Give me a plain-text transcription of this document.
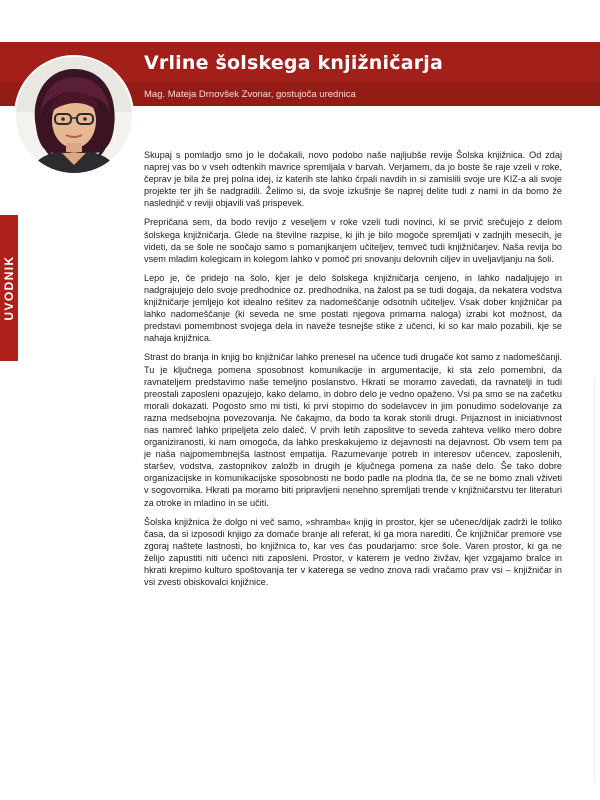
Vrline šolskega knjižničarja
Mag. Mateja Drnovšek Zvonar, gostujoča urednica
UVODNIK

Skupaj s pomladjo smo jo le dočakali, novo podobo naše najljubše revije Šolska knjižnica. Od zdaj naprej vas bo v vseh odtenkih mavrice spremljala v barvah. Verjamem, da jo boste še raje vzeli v roke, čeprav je bila že prej polna idej, iz katerih ste lahko črpali navdih in si zamislili svoje ure KIZ-a ali svoje projekte ter jih še nadgradili. Želimo si, da svoje izkušnje še naprej delite tudi z nami in da bomo že naslednjič v reviji objavili vaš prispevek.

Prepričana sem, da bodo revijo z veseljem v roke vzeli tudi novinci, ki se prvič srečujejo z delom šolskega knjižničarja. Glede na številne razpise, ki jih je bilo mogoče spremljati v zadnjih mesecih, je videti, da se šole ne soočajo samo s pomanjkanjem učiteljev, temveč tudi knjižničarjev. Naša revija bo vsem mladim kolegicam in kolegom lahko v pomoč pri snovanju delovnih ciljev in uveljavljanju na šoli.

Lepo je, če pridejo na šolo, kjer je delo šolskega knjižničarja cenjeno, in lahko nadaljujejo in nadgrajujejo delo svoje predhodnice oz. predhodnika, na žalost pa se tudi dogaja, da nekatera vodstva knjižničarje jemljejo kot idealno rešitev za nadomeščanje odsotnih učiteljev. Vsak dober knjižničar pa lahko nadomeščanje (ki seveda ne sme postati njegova primarna naloga) izrabi kot možnost, da predstavi pomembnost svojega dela in naveže tesnejše stike z učenci, ki so kar malo pozabili, kje se nahaja knjižnica.

Strast do branja in knjig bo knjižničar lahko prenesel na učence tudi drugače kot samo z nadomeščanji. Tu je ključnega pomena sposobnost komunikacije in argumentacije, ki sta zelo pomembni, da ravnateljem predstavimo naše temeljno poslanstvo. Hkrati se moramo zavedati, da ravnatelji in tudi preostali zaposleni opazujejo, kako delamo, in dobro delo je vedno opaženo. Vsi pa smo se na začetku morali dokazati. Pogosto smo mi tisti, ki prvi stopimo do sodelavcev in jim ponudimo sodelovanje za razna medsebojna povezovanja. Ne čakajmo, da bodo ta korak storili drugi. Prijaznost in iniciativnost nas namreč lahko pripeljeta zelo daleč. V prvih letih zaposlitve to seveda zahteva veliko mero dobre organiziranosti, ki nam omogoča, da lahko preskakujemo iz dejavnosti na dejavnost. Ob vsem tem pa je naša najpomembnejša lastnost empatija. Razumevanje potreb in interesov učencev, zaposlenih, staršev, vodstva, zastopnikov založb in drugih je ključnega pomena za naše delo. Še tako dobre organizacijske in komunikacijske sposobnosti ne bodo padle na plodna tla, če se ne bomo znali vživeti v sogovornika. Hkrati pa moramo biti pripravljeni nenehno spremljati trende v knjižničarstvu ter literaturi za otroke in mladino in se učiti.

Šolska knjižnica že dolgo ni več samo, »shramba« knjig in prostor, kjer se učenec/dijak zadrži le toliko časa, da si izposodi knjigo za domače branje ali referat, ki ga mora narediti. Če knjižničar premore vse zgoraj naštete lastnosti, bo knjižnica to, kar ves čas poudarjamo: srce šole. Varen prostor, ki ga ne želijo zapustiti niti učenci niti zaposleni. Prostor, v katerem je vedno živžav, kjer vzgajamo bralce in hkrati krepimo kulturo spoštovanja ter v katerega se vedno znova radi vračamo prav vsi – knjižničar in vsi zvesti obiskovalci knjižnice.
